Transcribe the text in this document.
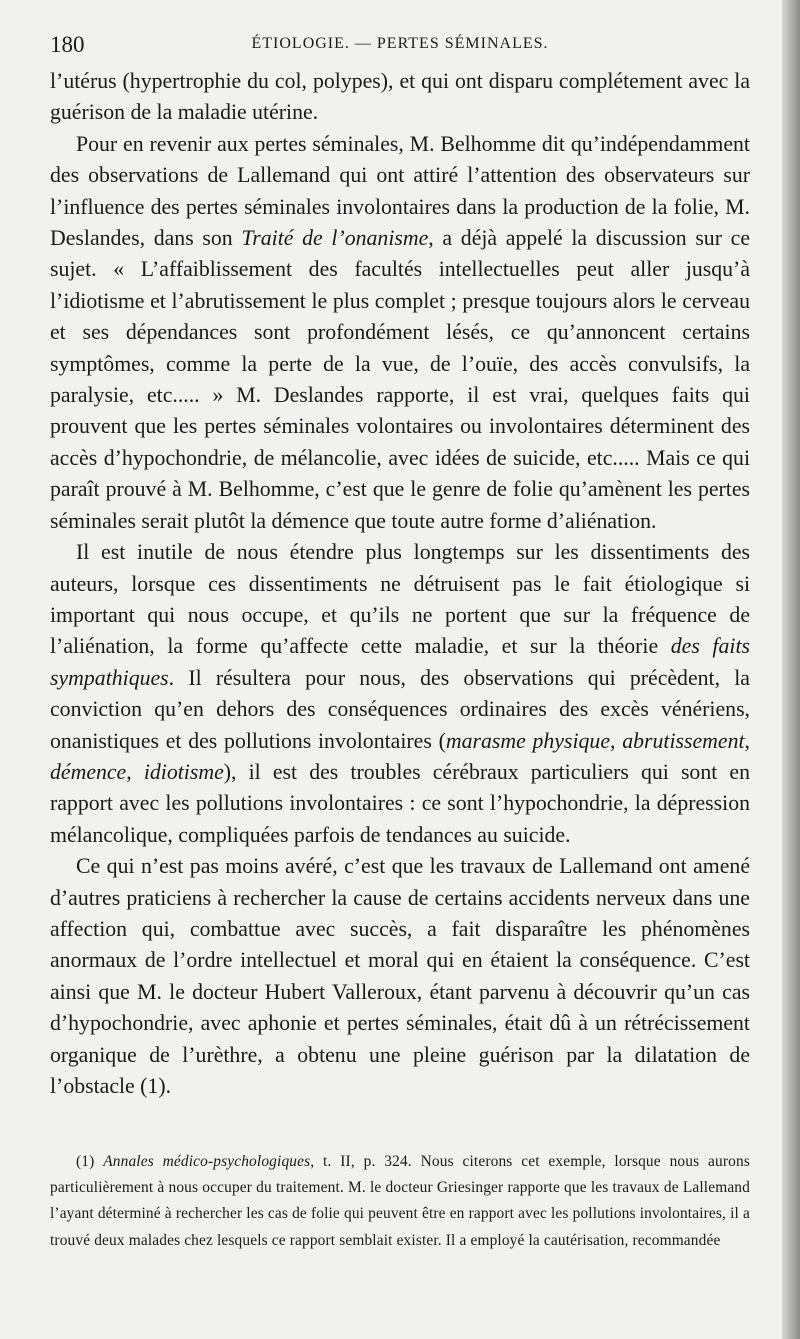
180	ÉTIOLOGIE. — PERTES SÉMINALES.

l’utérus (hypertrophie du col, polypes), et qui ont disparu complétement avec la guérison de la maladie utérine.

Pour en revenir aux pertes séminales, M. Belhomme dit qu’indépendamment des observations de Lallemand qui ont attiré l’attention des observateurs sur l’influence des pertes séminales involontaires dans la production de la folie, M. Deslandes, dans son Traité de l’onanisme, a déjà appelé la discussion sur ce sujet. « L’affaiblissement des facultés intellectuelles peut aller jusqu’à l’idiotisme et l’abrutissement le plus complet ; presque toujours alors le cerveau et ses dépendances sont profondément lésés, ce qu’annoncent certains symptômes, comme la perte de la vue, de l’ouïe, des accès convulsifs, la paralysie, etc..... » M. Deslandes rapporte, il est vrai, quelques faits qui prouvent que les pertes séminales volontaires ou involontaires déterminent des accès d’hypochondrie, de mélancolie, avec idées de suicide, etc..... Mais ce qui paraît prouvé à M. Belhomme, c’est que le genre de folie qu’amènent les pertes séminales serait plutôt la démence que toute autre forme d’aliénation.

Il est inutile de nous étendre plus longtemps sur les dissentiments des auteurs, lorsque ces dissentiments ne détruisent pas le fait étiologique si important qui nous occupe, et qu’ils ne portent que sur la fréquence de l’aliénation, la forme qu’affecte cette maladie, et sur la théorie des faits sympathiques. Il résultera pour nous, des observations qui précèdent, la conviction qu’en dehors des conséquences ordinaires des excès vénériens, onanistiques et des pollutions involontaires (marasme physique, abrutissement, démence, idiotisme), il est des troubles cérébraux particuliers qui sont en rapport avec les pollutions involontaires : ce sont l’hypochondrie, la dépression mélancolique, compliquées parfois de tendances au suicide.

Ce qui n’est pas moins avéré, c’est que les travaux de Lallemand ont amené d’autres praticiens à rechercher la cause de certains accidents nerveux dans une affection qui, combattue avec succès, a fait disparaître les phénomènes anormaux de l’ordre intellectuel et moral qui en étaient la conséquence. C’est ainsi que M. le docteur Hubert Valleroux, étant parvenu à découvrir qu’un cas d’hypochondrie, avec aphonie et pertes séminales, était dû à un rétrécissement organique de l’urèthre, a obtenu une pleine guérison par la dilatation de l’obstacle (1).

(1) Annales médico-psychologiques, t. II, p. 324. Nous citerons cet exemple, lorsque nous aurons particulièrement à nous occuper du traitement. M. le docteur Griesinger rapporte que les travaux de Lallemand l’ayant déterminé à rechercher les cas de folie qui peuvent être en rapport avec les pollutions involontaires, il a trouvé deux malades chez lesquels ce rapport semblait exister. Il a employé la cautérisation, recommandée
